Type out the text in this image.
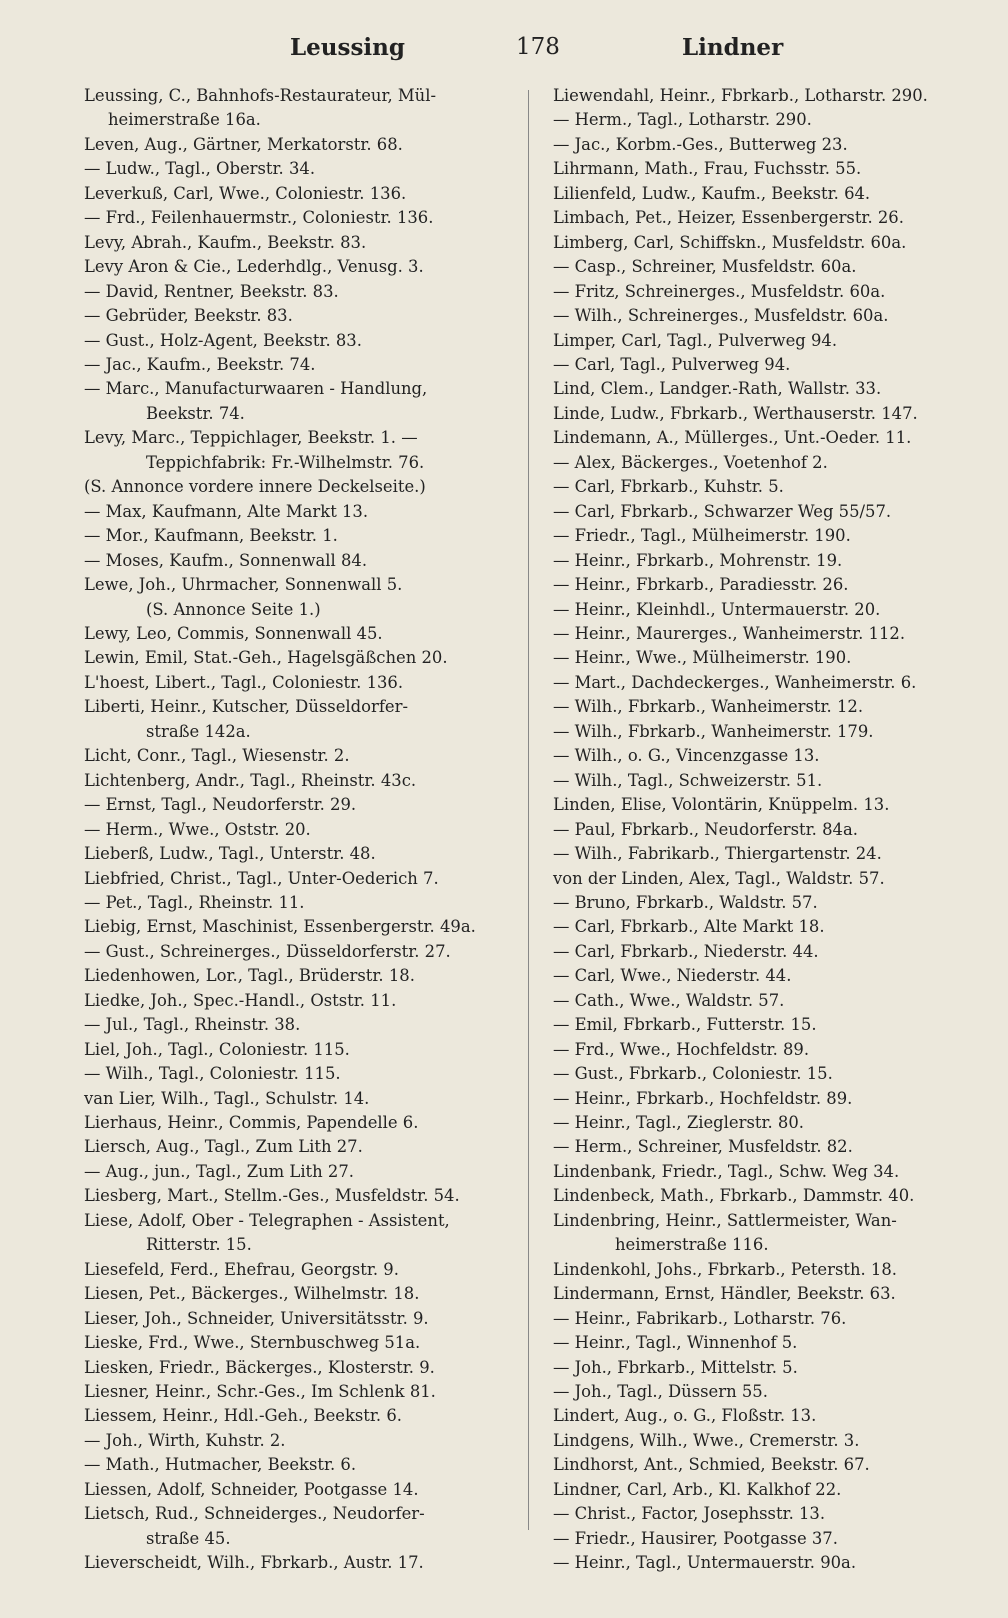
Leussing	178	Lindner
Leussing, C., Bahnhofs-Restaurateur, Mül-
heimerstraße 16a.
Leven, Aug., Gärtner, Merkatorstr. 68.
— Ludw., Tagl., Oberstr. 34.
Leverkuß, Carl, Wwe., Coloniestr. 136.
— Frd., Feilenhauermstr., Coloniestr. 136.
Levy, Abrah., Kaufm., Beekstr. 83.
Levy Aron & Cie., Lederhdlg., Venusg. 3.
— David, Rentner, Beekstr. 83.
— Gebrüder, Beekstr. 83.
— Gust., Holz-Agent, Beekstr. 83.
— Jac., Kaufm., Beekstr. 74.
— Marc., Manufacturwaaren - Handlung,
Beekstr. 74.
Levy, Marc., Teppichlager, Beekstr. 1. —
Teppichfabrik: Fr.-Wilhelmstr. 76.
(S. Annonce vordere innere Deckelseite.)
— Max, Kaufmann, Alte Markt 13.
— Mor., Kaufmann, Beekstr. 1.
— Moses, Kaufm., Sonnenwall 84.
Lewe, Joh., Uhrmacher, Sonnenwall 5.
(S. Annonce Seite 1.)
Lewy, Leo, Commis, Sonnenwall 45.
Lewin, Emil, Stat.-Geh., Hagelsgäßchen 20.
L'hoest, Libert., Tagl., Coloniestr. 136.
Liberti, Heinr., Kutscher, Düsseldorfer-
straße 142a.
Licht, Conr., Tagl., Wiesenstr. 2.
Lichtenberg, Andr., Tagl., Rheinstr. 43c.
— Ernst, Tagl., Neudorferstr. 29.
— Herm., Wwe., Oststr. 20.
Lieberß, Ludw., Tagl., Unterstr. 48.
Liebfried, Christ., Tagl., Unter-Oederich 7.
— Pet., Tagl., Rheinstr. 11.
Liebig, Ernst, Maschinist, Essenbergerstr. 49a.
— Gust., Schreinerges., Düsseldorferstr. 27.
Liedenhowen, Lor., Tagl., Brüderstr. 18.
Liedke, Joh., Spec.-Handl., Oststr. 11.
— Jul., Tagl., Rheinstr. 38.
Liel, Joh., Tagl., Coloniestr. 115.
— Wilh., Tagl., Coloniestr. 115.
van Lier, Wilh., Tagl., Schulstr. 14.
Lierhaus, Heinr., Commis, Papendelle 6.
Liersch, Aug., Tagl., Zum Lith 27.
— Aug., jun., Tagl., Zum Lith 27.
Liesberg, Mart., Stellm.-Ges., Musfeldstr. 54.
Liese, Adolf, Ober - Telegraphen - Assistent,
Ritterstr. 15.
Liesefeld, Ferd., Ehefrau, Georgstr. 9.
Liesen, Pet., Bäckerges., Wilhelmstr. 18.
Lieser, Joh., Schneider, Universitätsstr. 9.
Lieske, Frd., Wwe., Sternbuschweg 51a.
Liesken, Friedr., Bäckerges., Klosterstr. 9.
Liesner, Heinr., Schr.-Ges., Im Schlenk 81.
Liessem, Heinr., Hdl.-Geh., Beekstr. 6.
— Joh., Wirth, Kuhstr. 2.
— Math., Hutmacher, Beekstr. 6.
Liessen, Adolf, Schneider, Pootgasse 14.
Lietsch, Rud., Schneiderges., Neudorfer-
straße 45.
Lieverscheidt, Wilh., Fbrkarb., Austr. 17.
Liewendahl, Heinr., Fbrkarb., Lotharstr. 290.
— Herm., Tagl., Lotharstr. 290.
— Jac., Korbm.-Ges., Butterweg 23.
Lihrmann, Math., Frau, Fuchsstr. 55.
Lilienfeld, Ludw., Kaufm., Beekstr. 64.
Limbach, Pet., Heizer, Essenbergerstr. 26.
Limberg, Carl, Schiffskn., Musfeldstr. 60a.
— Casp., Schreiner, Musfeldstr. 60a.
— Fritz, Schreinerges., Musfeldstr. 60a.
— Wilh., Schreinerges., Musfeldstr. 60a.
Limper, Carl, Tagl., Pulverweg 94.
— Carl, Tagl., Pulverweg 94.
Lind, Clem., Landger.-Rath, Wallstr. 33.
Linde, Ludw., Fbrkarb., Werthauserstr. 147.
Lindemann, A., Müllerges., Unt.-Oeder. 11.
— Alex, Bäckerges., Voetenhof 2.
— Carl, Fbrkarb., Kuhstr. 5.
— Carl, Fbrkarb., Schwarzer Weg 55/57.
— Friedr., Tagl., Mülheimerstr. 190.
— Heinr., Fbrkarb., Mohrenstr. 19.
— Heinr., Fbrkarb., Paradiesstr. 26.
— Heinr., Kleinhdl., Untermauerstr. 20.
— Heinr., Maurerges., Wanheimerstr. 112.
— Heinr., Wwe., Mülheimerstr. 190.
— Mart., Dachdeckerges., Wanheimerstr. 6.
— Wilh., Fbrkarb., Wanheimerstr. 12.
— Wilh., Fbrkarb., Wanheimerstr. 179.
— Wilh., o. G., Vincenzgasse 13.
— Wilh., Tagl., Schweizerstr. 51.
Linden, Elise, Volontärin, Knüppelm. 13.
— Paul, Fbrkarb., Neudorferstr. 84a.
— Wilh., Fabrikarb., Thiergartenstr. 24.
von der Linden, Alex, Tagl., Waldstr. 57.
— Bruno, Fbrkarb., Waldstr. 57.
— Carl, Fbrkarb., Alte Markt 18.
— Carl, Fbrkarb., Niederstr. 44.
— Carl, Wwe., Niederstr. 44.
— Cath., Wwe., Waldstr. 57.
— Emil, Fbrkarb., Futterstr. 15.
— Frd., Wwe., Hochfeldstr. 89.
— Gust., Fbrkarb., Coloniestr. 15.
— Heinr., Fbrkarb., Hochfeldstr. 89.
— Heinr., Tagl., Zieglerstr. 80.
— Herm., Schreiner, Musfeldstr. 82.
Lindenbank, Friedr., Tagl., Schw. Weg 34.
Lindenbeck, Math., Fbrkarb., Dammstr. 40.
Lindenbring, Heinr., Sattlermeister, Wan-
heimerstraße 116.
Lindenkohl, Johs., Fbrkarb., Petersth. 18.
Lindermann, Ernst, Händler, Beekstr. 63.
— Heinr., Fabrikarb., Lotharstr. 76.
— Heinr., Tagl., Winnenhof 5.
— Joh., Fbrkarb., Mittelstr. 5.
— Joh., Tagl., Düssern 55.
Lindert, Aug., o. G., Floßstr. 13.
Lindgens, Wilh., Wwe., Cremerstr. 3.
Lindhorst, Ant., Schmied, Beekstr. 67.
Lindner, Carl, Arb., Kl. Kalkhof 22.
— Christ., Factor, Josephsstr. 13.
— Friedr., Hausirer, Pootgasse 37.
— Heinr., Tagl., Untermauerstr. 90a.
